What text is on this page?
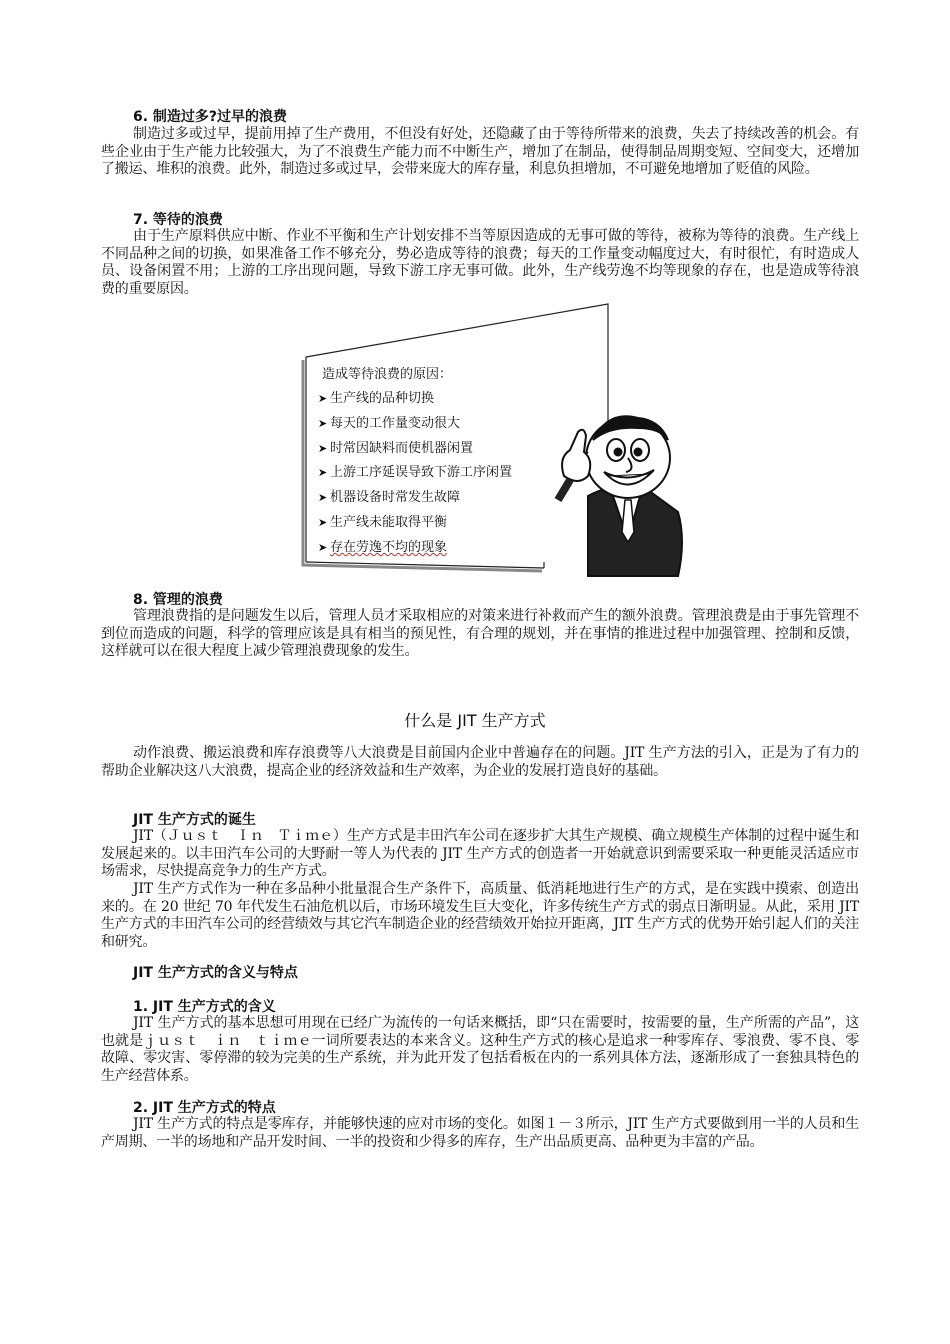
6. 制造过多?过早的浪费
制造过多或过早，提前用掉了生产费用，不但没有好处，还隐藏了由于等待所带来的浪费，失去了持续改善的机会。有些企业由于生产能力比较强大，为了不浪费生产能力而不中断生产，增加了在制品，使得制品周期变短、空间变大，还增加了搬运、堆积的浪费。此外，制造过多或过早，会带来庞大的库存量，利息负担增加，不可避免地增加了贬值的风险。
7. 等待的浪费
由于生产原料供应中断、作业不平衡和生产计划安排不当等原因造成的无事可做的等待，被称为等待的浪费。生产线上不同品种之间的切换，如果准备工作不够充分，势必造成等待的浪费；每天的工作量变动幅度过大，有时很忙，有时造成人员、设备闲置不用；上游的工序出现问题，导致下游工序无事可做。此外，生产线劳逸不均等现象的存在，也是造成等待浪费的重要原因。
造成等待浪费的原因：
➤ 生产线的品种切换
➤ 每天的工作量变动很大
➤ 时常因缺料而使机器闲置
➤ 上游工序延误导致下游工序闲置
➤ 机器设备时常发生故障
➤ 生产线未能取得平衡
➤ 存在劳逸不均的现象
8. 管理的浪费
管理浪费指的是问题发生以后，管理人员才采取相应的对策来进行补救而产生的额外浪费。管理浪费是由于事先管理不到位而造成的问题，科学的管理应该是具有相当的预见性，有合理的规划，并在事情的推进过程中加强管理、控制和反馈，这样就可以在很大程度上减少管理浪费现象的发生。
什么是 JIT 生产方式
动作浪费、搬运浪费和库存浪费等八大浪费是目前国内企业中普遍存在的问题。JIT 生产方法的引入，正是为了有力的帮助企业解决这八大浪费，提高企业的经济效益和生产效率，为企业的发展打造良好的基础。
JIT 生产方式的诞生
JIT（Ｊｕｓｔ　Ｉｎ　Ｔｉｍｅ）生产方式是丰田汽车公司在逐步扩大其生产规模、确立规模生产体制的过程中诞生和发展起来的。以丰田汽车公司的大野耐一等人为代表的 JIT 生产方式的创造者一开始就意识到需要采取一种更能灵活适应市场需求，尽快提高竞争力的生产方式。
JIT 生产方式作为一种在多品种小批量混合生产条件下，高质量、低消耗地进行生产的方式，是在实践中摸索、创造出来的。在 20 世纪 70 年代发生石油危机以后，市场环境发生巨大变化，许多传统生产方式的弱点日渐明显。从此，采用 JIT 生产方式的丰田汽车公司的经营绩效与其它汽车制造企业的经营绩效开始拉开距离，JIT 生产方式的优势开始引起人们的关注和研究。
JIT 生产方式的含义与特点
1. JIT 生产方式的含义
JIT 生产方式的基本思想可用现在已经广为流传的一句话来概括，即“只在需要时，按需要的量，生产所需的产品”，这也就是ｊｕｓｔ　ｉｎ　ｔｉｍｅ一词所要表达的本来含义。这种生产方式的核心是追求一种零库存、零浪费、零不良、零故障、零灾害、零停滞的较为完美的生产系统，并为此开发了包括看板在内的一系列具体方法，逐渐形成了一套独具特色的生产经营体系。
2. JIT 生产方式的特点
JIT 生产方式的特点是零库存，并能够快速的应对市场的变化。如图１－３所示，JIT 生产方式要做到用一半的人员和生产周期、一半的场地和产品开发时间、一半的投资和少得多的库存，生产出品质更高、品种更为丰富的产品。
